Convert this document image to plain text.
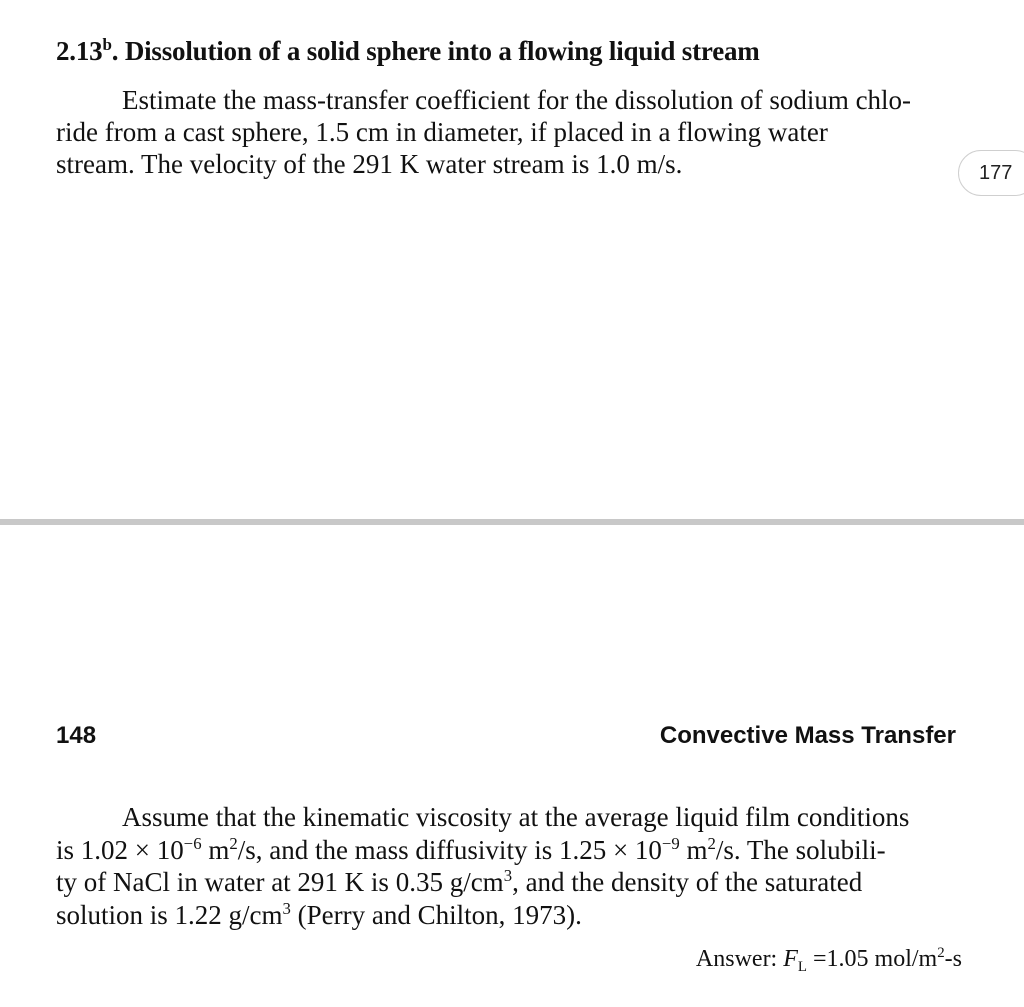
2.13$^b$. Dissolution of a solid sphere into a flowing liquid stream
Estimate the mass-transfer coefficient for the dissolution of sodium chlo-
ride from a cast sphere, 1.5 cm in diameter, if placed in a flowing water
stream. The velocity of the 291 K water stream is 1.0 m/s.	177
148	Convective Mass Transfer
Assume that the kinematic viscosity at the average liquid film conditions
is $1.02 \times 10^{-6}$ $m^2/s$, and the mass diffusivity is $1.25 \times 10^{-9}$ $m^2/s$. The solubili-
ty of NaCl in water at 291 K is 0.35 $g/cm^3$, and the density of the saturated
solution is 1.22 $g/cm^3$ (Perry and Chilton, 1973).
Answer: $F_L =1.05$ mol/$m^2-s$
